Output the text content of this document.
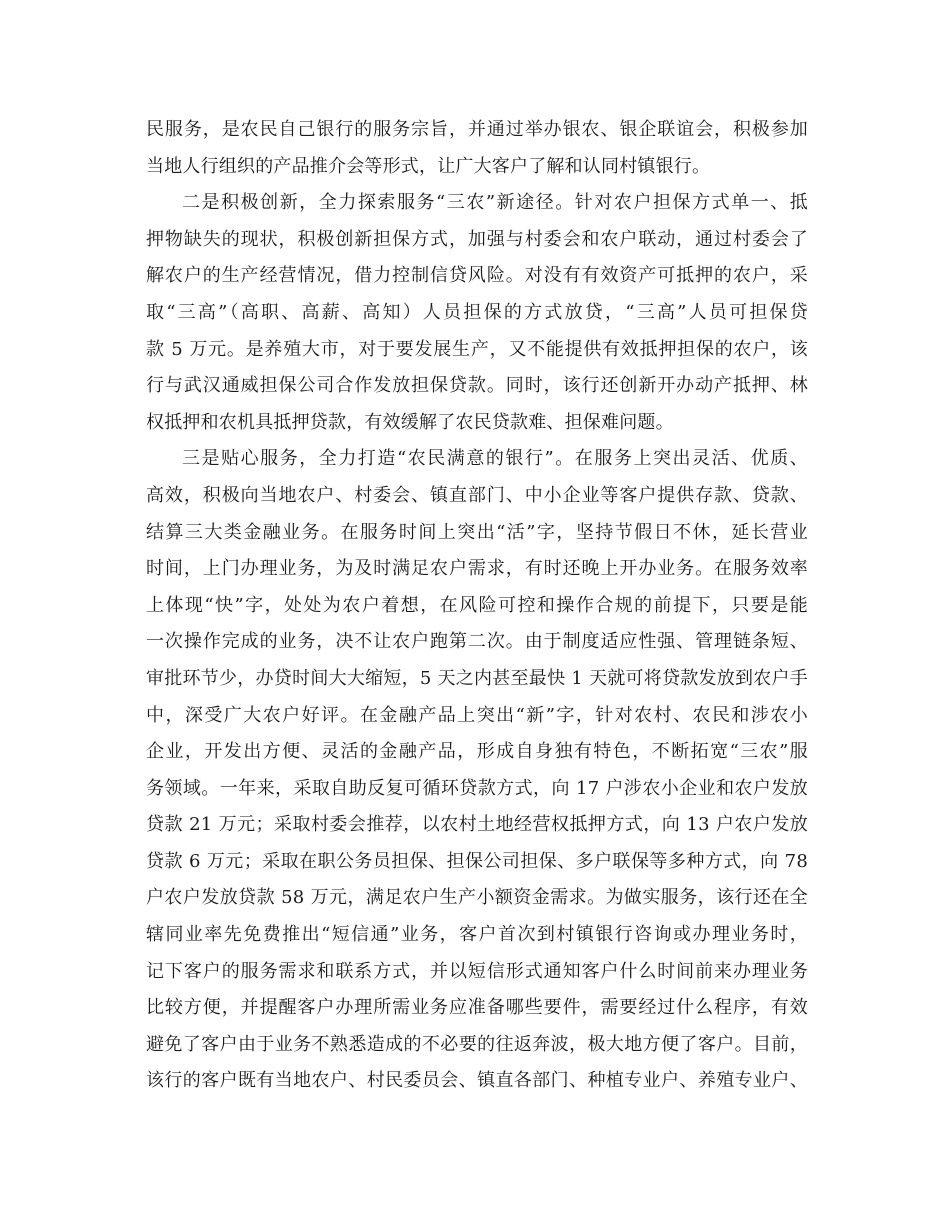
民服务，是农民自己银行的服务宗旨，并通过举办银农、银企联谊会，积极参加
当地人行组织的产品推介会等形式，让广大客户了解和认同村镇银行。
二是积极创新，全力探索服务“三农”新途径。针对农户担保方式单一、抵
押物缺失的现状，积极创新担保方式，加强与村委会和农户联动，通过村委会了
解农户的生产经营情况，借力控制信贷风险。对没有有效资产可抵押的农户，采
取“三高”（高职、高薪、高知）人员担保的方式放贷，“三高”人员可担保贷
款 5 万元。是养殖大市，对于要发展生产，又不能提供有效抵押担保的农户，该
行与武汉通威担保公司合作发放担保贷款。同时，该行还创新开办动产抵押、林
权抵押和农机具抵押贷款，有效缓解了农民贷款难、担保难问题。
三是贴心服务，全力打造“农民满意的银行”。在服务上突出灵活、优质、
高效，积极向当地农户、村委会、镇直部门、中小企业等客户提供存款、贷款、
结算三大类金融业务。在服务时间上突出“活”字，坚持节假日不休，延长营业
时间，上门办理业务，为及时满足农户需求，有时还晚上开办业务。在服务效率
上体现“快”字，处处为农户着想，在风险可控和操作合规的前提下，只要是能
一次操作完成的业务，决不让农户跑第二次。由于制度适应性强、管理链条短、
审批环节少，办贷时间大大缩短，5 天之内甚至最快 1 天就可将贷款发放到农户手
中，深受广大农户好评。在金融产品上突出“新”字，针对农村、农民和涉农小
企业，开发出方便、灵活的金融产品，形成自身独有特色，不断拓宽“三农”服
务领域。一年来，采取自助反复可循环贷款方式，向 17 户涉农小企业和农户发放
贷款 21 万元；采取村委会推荐，以农村土地经营权抵押方式，向 13 户农户发放
贷款 6 万元；采取在职公务员担保、担保公司担保、多户联保等多种方式，向 78
户农户发放贷款 58 万元，满足农户生产小额资金需求。为做实服务，该行还在全
辖同业率先免费推出“短信通”业务，客户首次到村镇银行咨询或办理业务时，
记下客户的服务需求和联系方式，并以短信形式通知客户什么时间前来办理业务
比较方便，并提醒客户办理所需业务应准备哪些要件，需要经过什么程序，有效
避免了客户由于业务不熟悉造成的不必要的往返奔波，极大地方便了客户。目前，
该行的客户既有当地农户、村民委员会、镇直各部门、种植专业户、养殖专业户、
